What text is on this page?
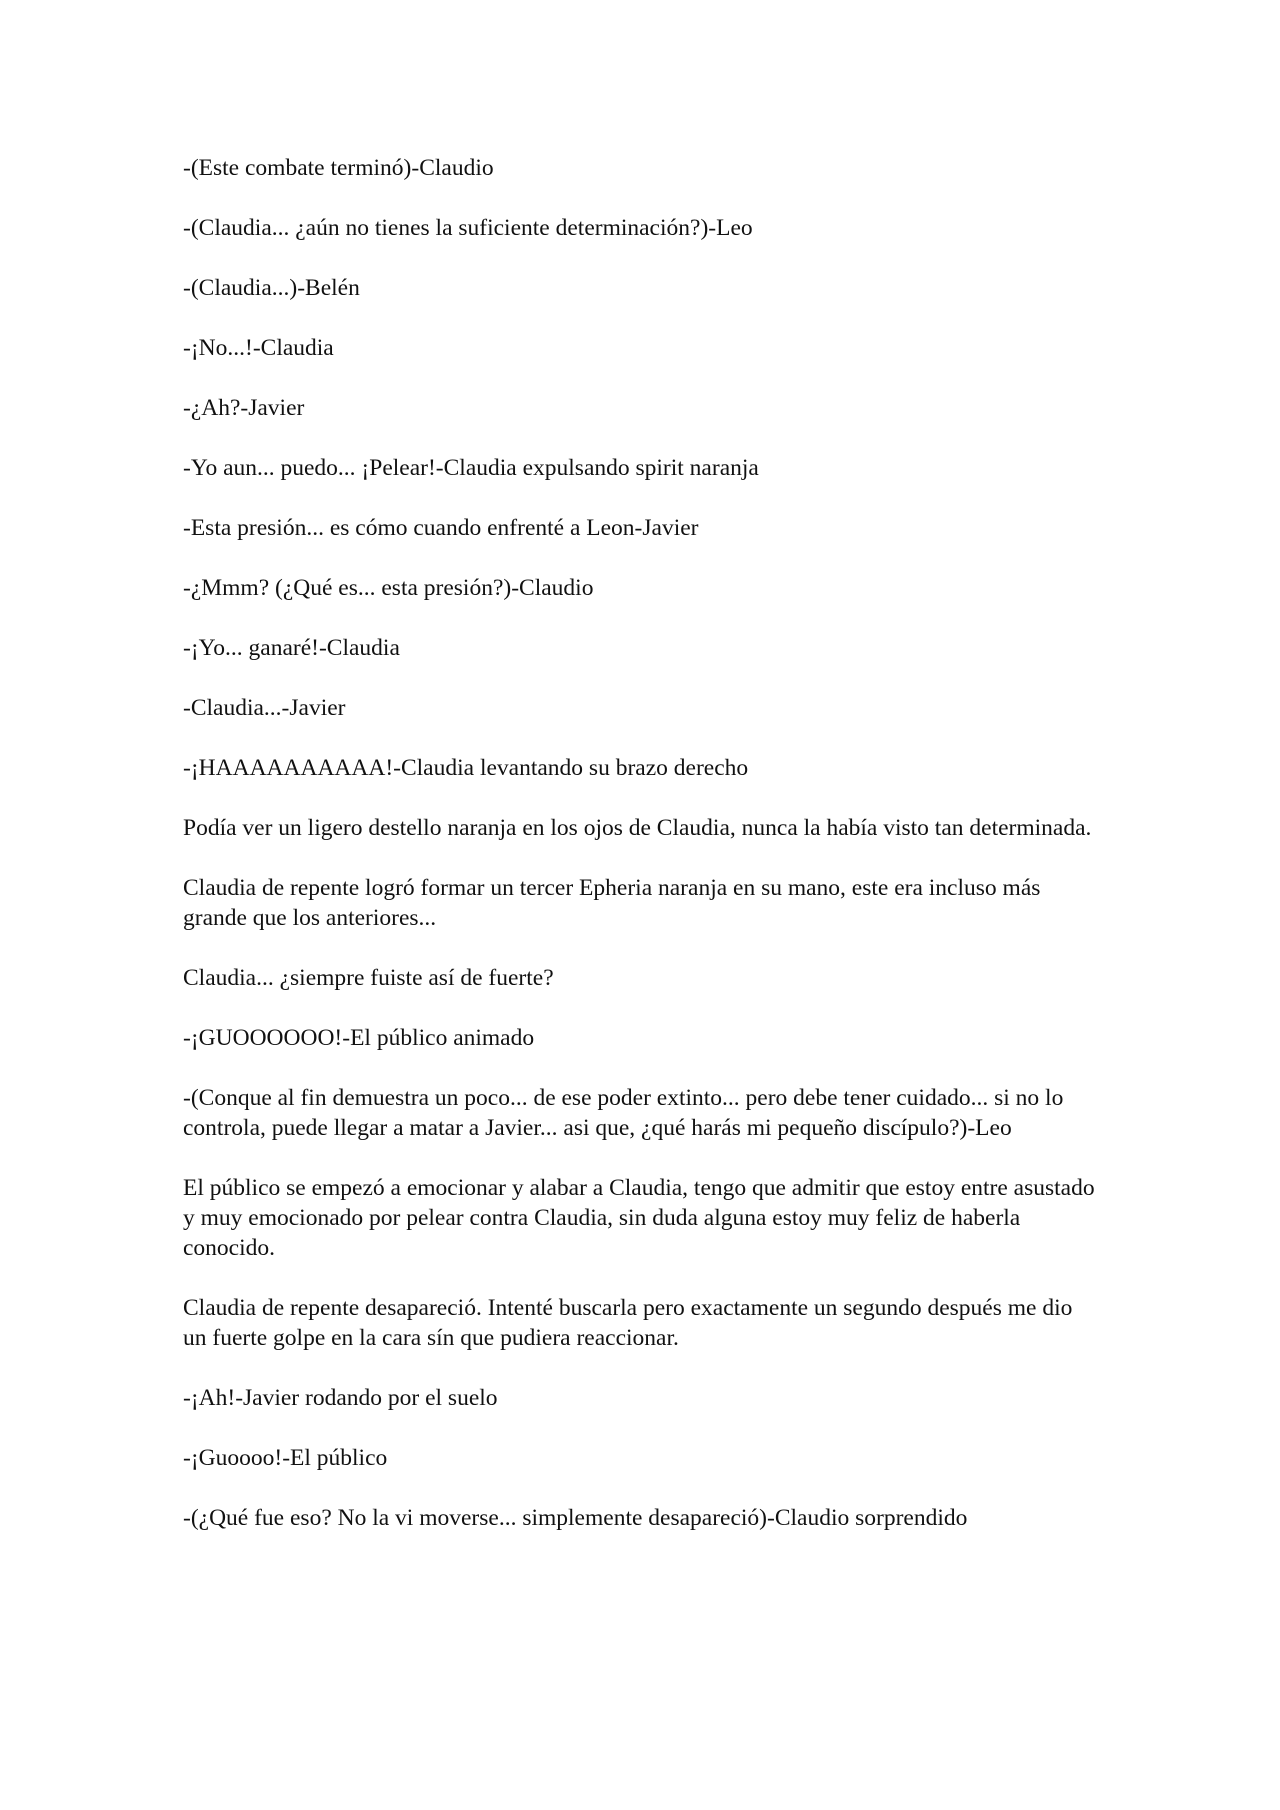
-(Este combate terminó)-Claudio

-(Claudia... ¿aún no tienes la suficiente determinación?)-Leo

-(Claudia...)-Belén

-¡No...!-Claudia

-¿Ah?-Javier

-Yo aun... puedo... ¡Pelear!-Claudia expulsando spirit naranja

-Esta presión... es cómo cuando enfrenté a Leon-Javier

-¿Mmm? (¿Qué es... esta presión?)-Claudio

-¡Yo... ganaré!-Claudia

-Claudia...-Javier

-¡HAAAAAAAAAA!-Claudia levantando su brazo derecho

Podía ver un ligero destello naranja en los ojos de Claudia, nunca la había visto tan determinada.

Claudia de repente logró formar un tercer Epheria naranja en su mano, este era incluso más grande que los anteriores...

Claudia... ¿siempre fuiste así de fuerte?

-¡GUOOOOOO!-El público animado

-(Conque al fin demuestra un poco... de ese poder extinto... pero debe tener cuidado... si no lo controla, puede llegar a matar a Javier... asi que, ¿qué harás mi pequeño discípulo?)-Leo

El público se empezó a emocionar y alabar a Claudia, tengo que admitir que estoy entre asustado y muy emocionado por pelear contra Claudia, sin duda alguna estoy muy feliz de haberla conocido.

Claudia de repente desapareció. Intenté buscarla pero exactamente un segundo después me dio un fuerte golpe en la cara sín que pudiera reaccionar.

-¡Ah!-Javier rodando por el suelo

-¡Guoooo!-El público

-(¿Qué fue eso? No la vi moverse... simplemente desapareció)-Claudio sorprendido
